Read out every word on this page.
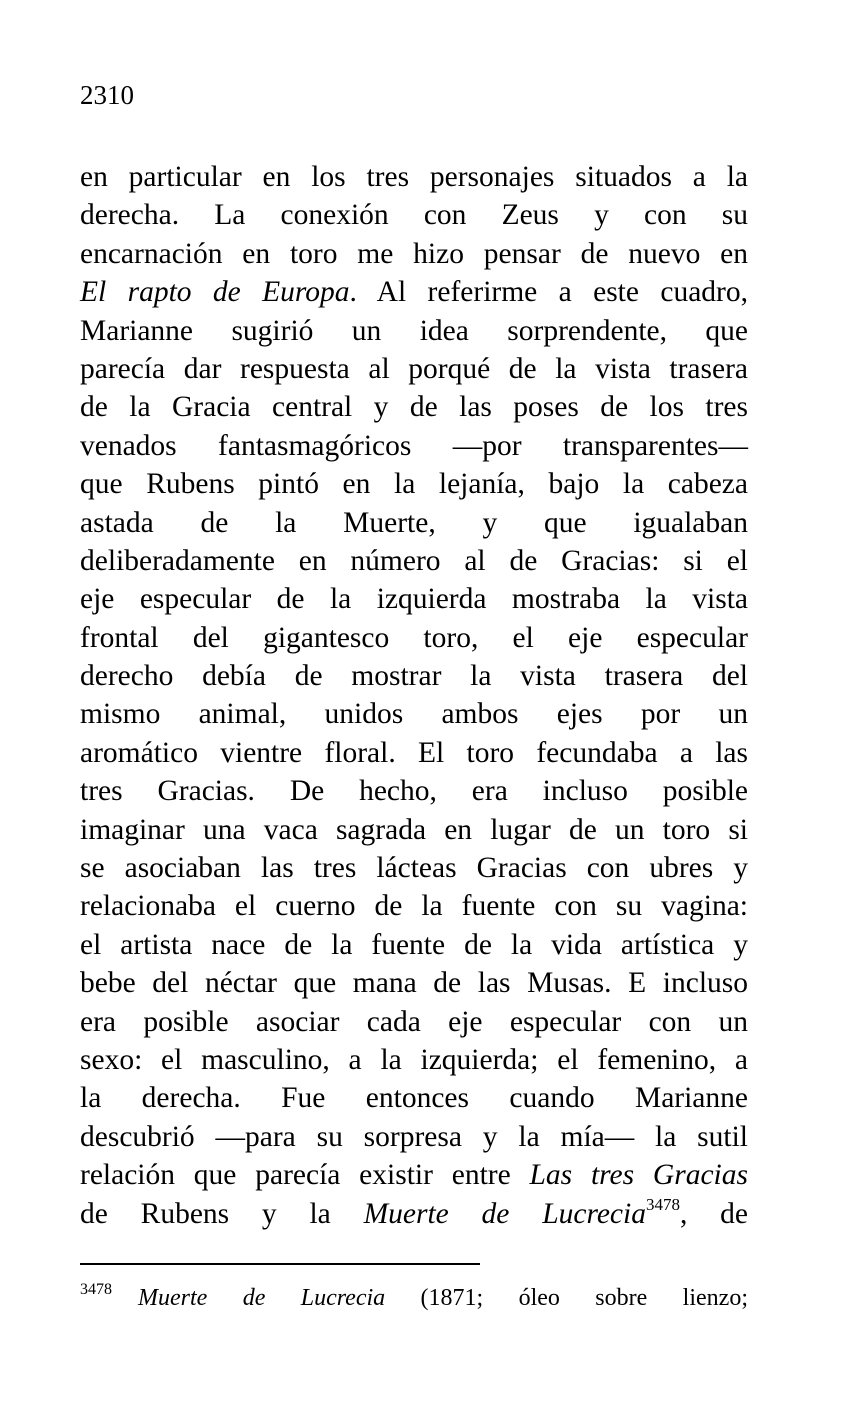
2310
en particular en los tres personajes situados a la
derecha. La conexión con Zeus y con su
encarnación en toro me hizo pensar de nuevo en
El rapto de Europa. Al referirme a este cuadro,
Marianne sugirió un idea sorprendente, que
parecía dar respuesta al porqué de la vista trasera
de la Gracia central y de las poses de los tres
venados fantasmagóricos —por transparentes—
que Rubens pintó en la lejanía, bajo la cabeza
astada de la Muerte, y que igualaban
deliberadamente en número al de Gracias: si el
eje especular de la izquierda mostraba la vista
frontal del gigantesco toro, el eje especular
derecho debía de mostrar la vista trasera del
mismo animal, unidos ambos ejes por un
aromático vientre floral. El toro fecundaba a las
tres Gracias. De hecho, era incluso posible
imaginar una vaca sagrada en lugar de un toro si
se asociaban las tres lácteas Gracias con ubres y
relacionaba el cuerno de la fuente con su vagina:
el artista nace de la fuente de la vida artística y
bebe del néctar que mana de las Musas. E incluso
era posible asociar cada eje especular con un
sexo: el masculino, a la izquierda; el femenino, a
la derecha. Fue entonces cuando Marianne
descubrió —para su sorpresa y la mía— la sutil
relación que parecía existir entre Las tres Gracias
de Rubens y la Muerte de Lucrecia$^{3478}$, de
$^{3478}$ Muerte de Lucrecia (1871; óleo sobre lienzo;
